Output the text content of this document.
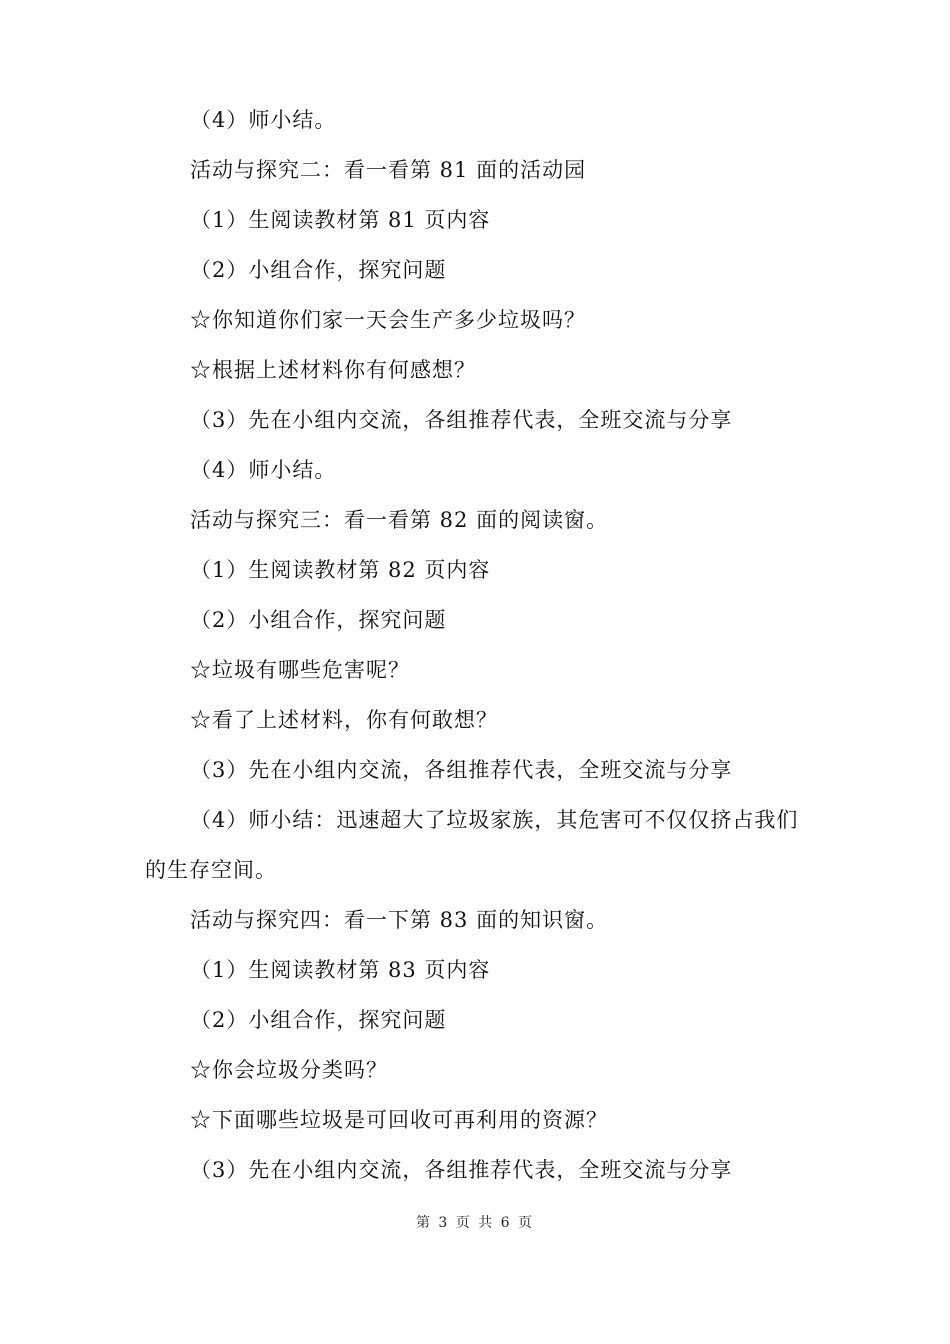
（4）师小结。
活动与探究二：看一看第 81 面的活动园
（1）生阅读教材第 81 页内容
（2）小组合作，探究问题
☆你知道你们家一天会生产多少垃圾吗？
☆根据上述材料你有何感想？
（3）先在小组内交流，各组推荐代表，全班交流与分享
（4）师小结。
活动与探究三：看一看第 82 面的阅读窗。
（1）生阅读教材第 82 页内容
（2）小组合作，探究问题
☆垃圾有哪些危害呢？
☆看了上述材料，你有何敢想？
（3）先在小组内交流，各组推荐代表，全班交流与分享
（4）师小结：迅速超大了垃圾家族，其危害可不仅仅挤占我们
的生存空间。
活动与探究四：看一下第 83 面的知识窗。
（1）生阅读教材第 83 页内容
（2）小组合作，探究问题
☆你会垃圾分类吗？
☆下面哪些垃圾是可回收可再利用的资源？
（3）先在小组内交流，各组推荐代表，全班交流与分享
第 3 页 共 6 页
